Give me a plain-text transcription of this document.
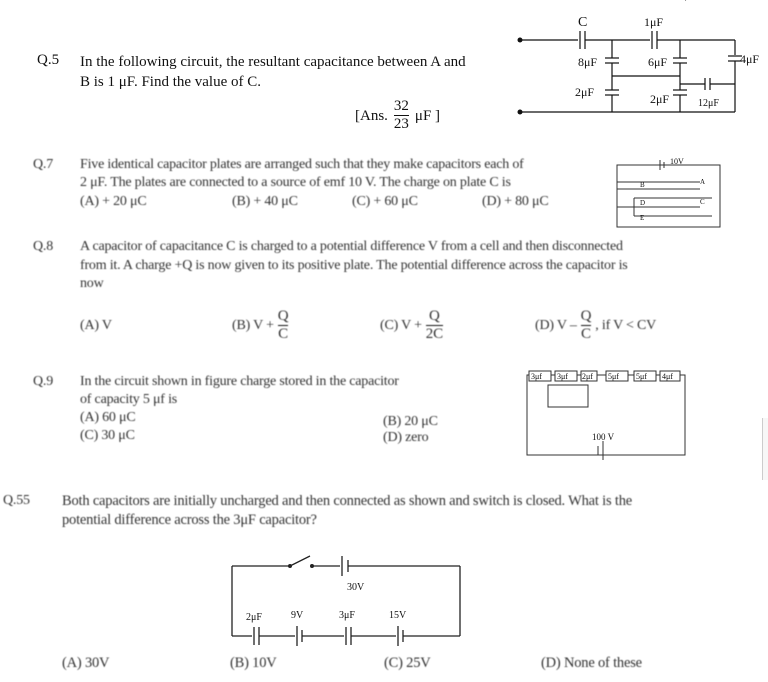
Q.5 In the following circuit, the resultant capacitance between A and
B is 1 μF. Find the value of C.
[Ans. $\frac{32}{23}$ μF ]
C	1μF
8μF	6μF	4μF
2μF	2μF	12μF
Q.7 Five identical capacitor plates are arranged such that they make capacitors each of
2 μF. The plates are connected to a source of emf 10 V. The charge on plate C is
(A) + 20 μC	(B) + 40 μC	(C) + 60 μC	(D) + 80 μC
10V
B	A
D	C
E
Q.8 A capacitor of capacitance C is charged to a potential difference V from a cell and then disconnected
from it. A charge +Q is now given to its positive plate. The potential difference across the capacitor is
now
(A) V	(B) $V + \frac{Q}{C}$	(C) $V + \frac{Q}{2C}$	(D) V – $\frac{Q}{C}$ , if V < CV
Q.9 In the circuit shown in figure charge stored in the capacitor
of capacity 5 μf is
(A) 60 μC	(B) 20 μC
(C) 30 μC	(D) zero
3μf 3μf 2μf 5μf 5μf 4μf
100 V
Q.55 Both capacitors are initially uncharged and then connected as shown and switch is closed. What is the
potential difference across the 3μF capacitor?
30V
2μF	9V	3μF	15V
(A) 30V	(B) 10V	(C) 25V	(D) None of these
